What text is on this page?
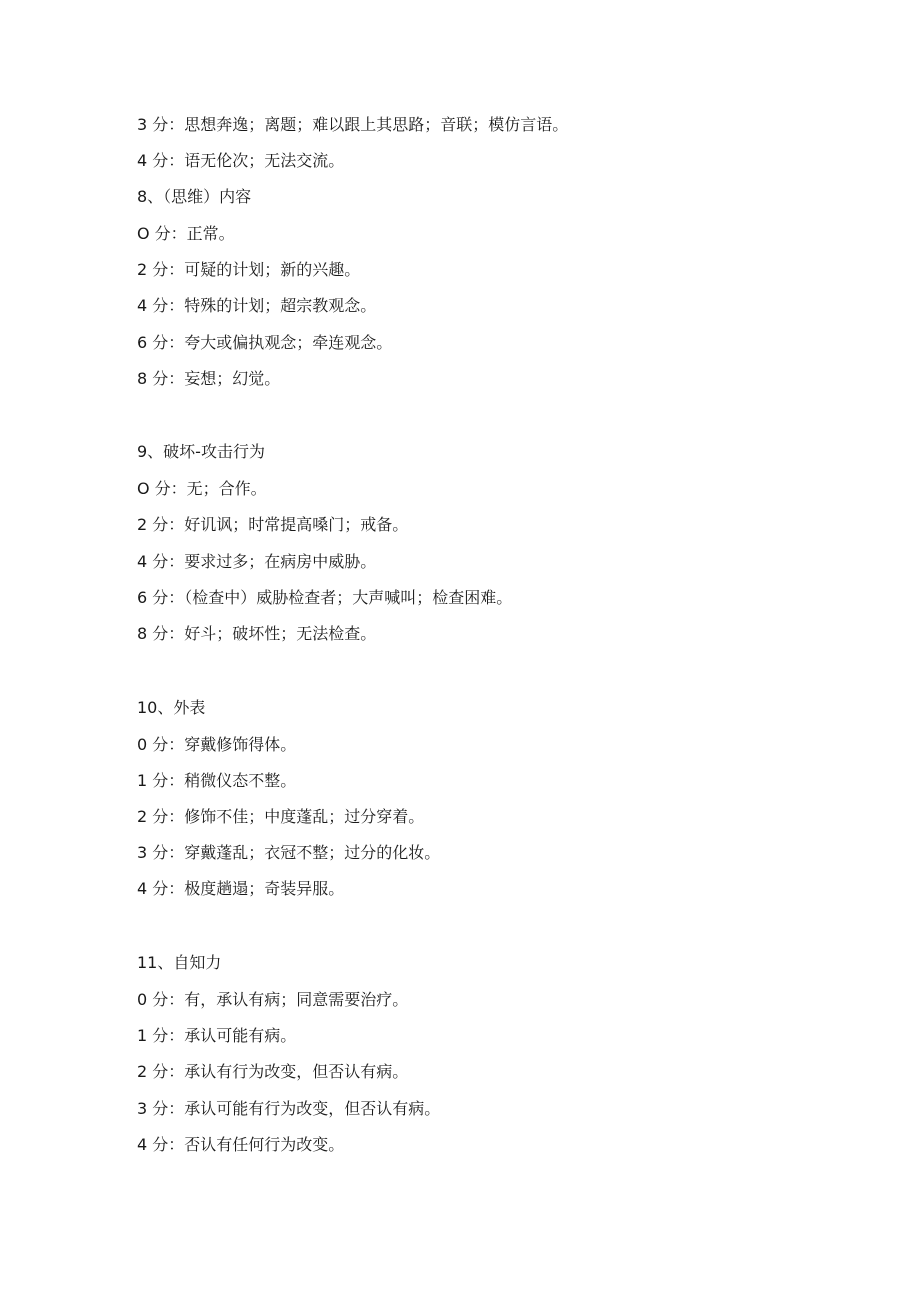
3 分：思想奔逸；离题；难以跟上其思路；音联；模仿言语。
4 分：语无伦次；无法交流。
8、（思维）内容
O 分：正常。
2 分：可疑的计划；新的兴趣。
4 分：特殊的计划；超宗教观念。
6 分：夸大或偏执观念；牵连观念。
8 分：妄想；幻觉。
9、破坏-攻击行为
O 分：无；合作。
2 分：好讥讽；时常提高嗓门；戒备。
4 分：要求过多；在病房中威胁。
6 分：（检查中）威胁检查者；大声喊叫；检查困难。
8 分：好斗；破坏性；无法检查。
10、外表
0 分：穿戴修饰得体。
1 分：稍微仪态不整。
2 分：修饰不佳；中度蓬乱；过分穿着。
3 分：穿戴蓬乱；衣冠不整；过分的化妆。
4 分：极度趟遢；奇装异服。
11、自知力
0 分：有，承认有病；同意需要治疗。
1 分：承认可能有病。
2 分：承认有行为改变，但否认有病。
3 分：承认可能有行为改变，但否认有病。
4 分：否认有任何行为改变。
